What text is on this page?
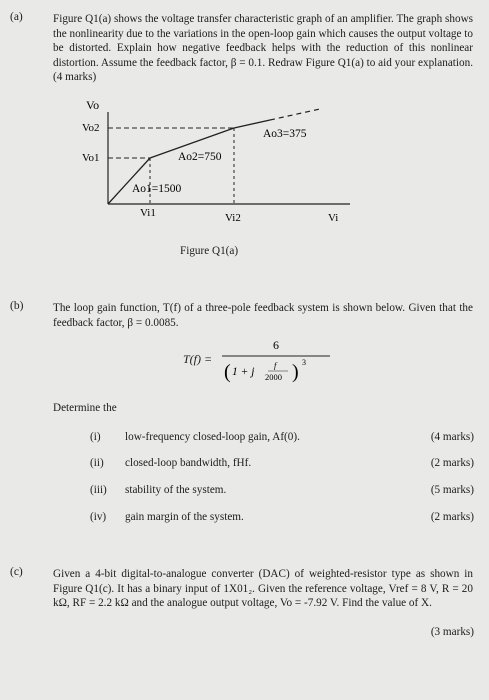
(a)	Figure Q1(a) shows the voltage transfer characteristic graph of an amplifier. The graph shows the nonlinearity due to the variations in the open-loop gain which causes the output voltage to be distorted. Explain how negative feedback helps with the reduction of this nonlinear distortion. Assume the feedback factor, β = 0.1. Redraw Figure Q1(a) to aid your explanation. (4 marks)
Vo
Vo2
Vo1
Ao3=375
Ao2=750
Ao1=1500
Vi1	Vi2	Vi
Figure Q1(a)
(b)	The loop gain function, T(f) of a three-pole feedback system is shown below. Given that the feedback factor, β = 0.0085.
T(f) =
6
( 1 + j
f
2000 ) 3
Determine the
(i) low-frequency closed-loop gain, Af(0).	(4 marks)
(ii) closed-loop bandwidth, fHf.	(2 marks)
(iii) stability of the system.	(5 marks)
(iv) gain margin of the system.	(2 marks)
(c)	Given a 4-bit digital-to-analogue converter (DAC) of weighted-resistor type as shown in Figure Q1(c). It has a binary input of 1X01₂. Given the reference voltage, Vref = 8 V, R = 20 kΩ, RF = 2.2 kΩ and the analogue output voltage, Vo = -7.92 V. Find the value of X.
(3 marks)
